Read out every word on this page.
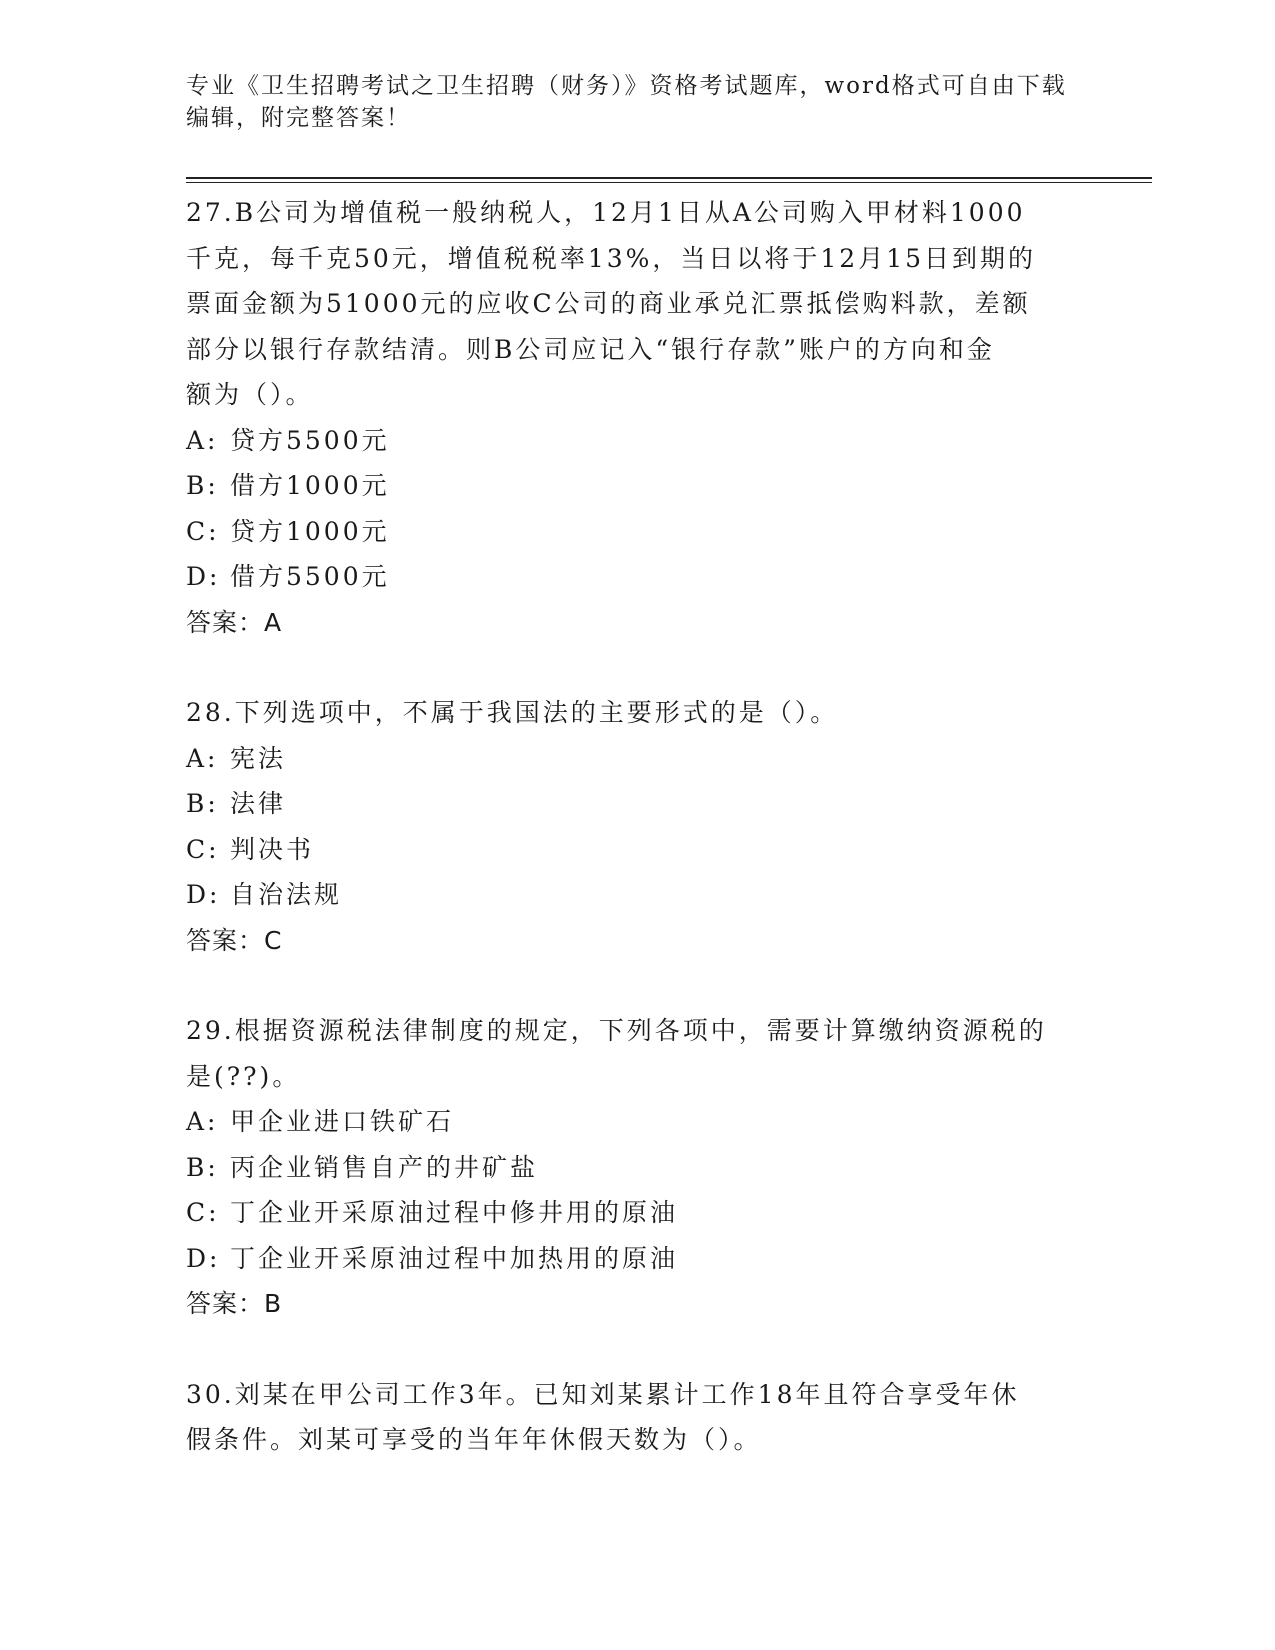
专业《卫生招聘考试之卫生招聘（财务）》资格考试题库，word格式可自由下载
编辑，附完整答案！
27.B公司为增值税一般纳税人，12月1日从A公司购入甲材料1000
千克，每千克50元，增值税税率13%，当日以将于12月15日到期的
票面金额为51000元的应收C公司的商业承兑汇票抵偿购料款，差额
部分以银行存款结清。则B公司应记入“银行存款”账户的方向和金
额为（）。
A: 贷方5500元
B: 借方1000元
C: 贷方1000元
D: 借方5500元
答案：A
28.下列选项中，不属于我国法的主要形式的是（）。
A: 宪法
B: 法律
C: 判决书
D: 自治法规
答案：C
29.根据资源税法律制度的规定，下列各项中，需要计算缴纳资源税的
是(??)。
A: 甲企业进口铁矿石
B: 丙企业销售自产的井矿盐
C: 丁企业开采原油过程中修井用的原油
D: 丁企业开采原油过程中加热用的原油
答案：B
30.刘某在甲公司工作3年。已知刘某累计工作18年且符合享受年休
假条件。刘某可享受的当年年休假天数为（）。
